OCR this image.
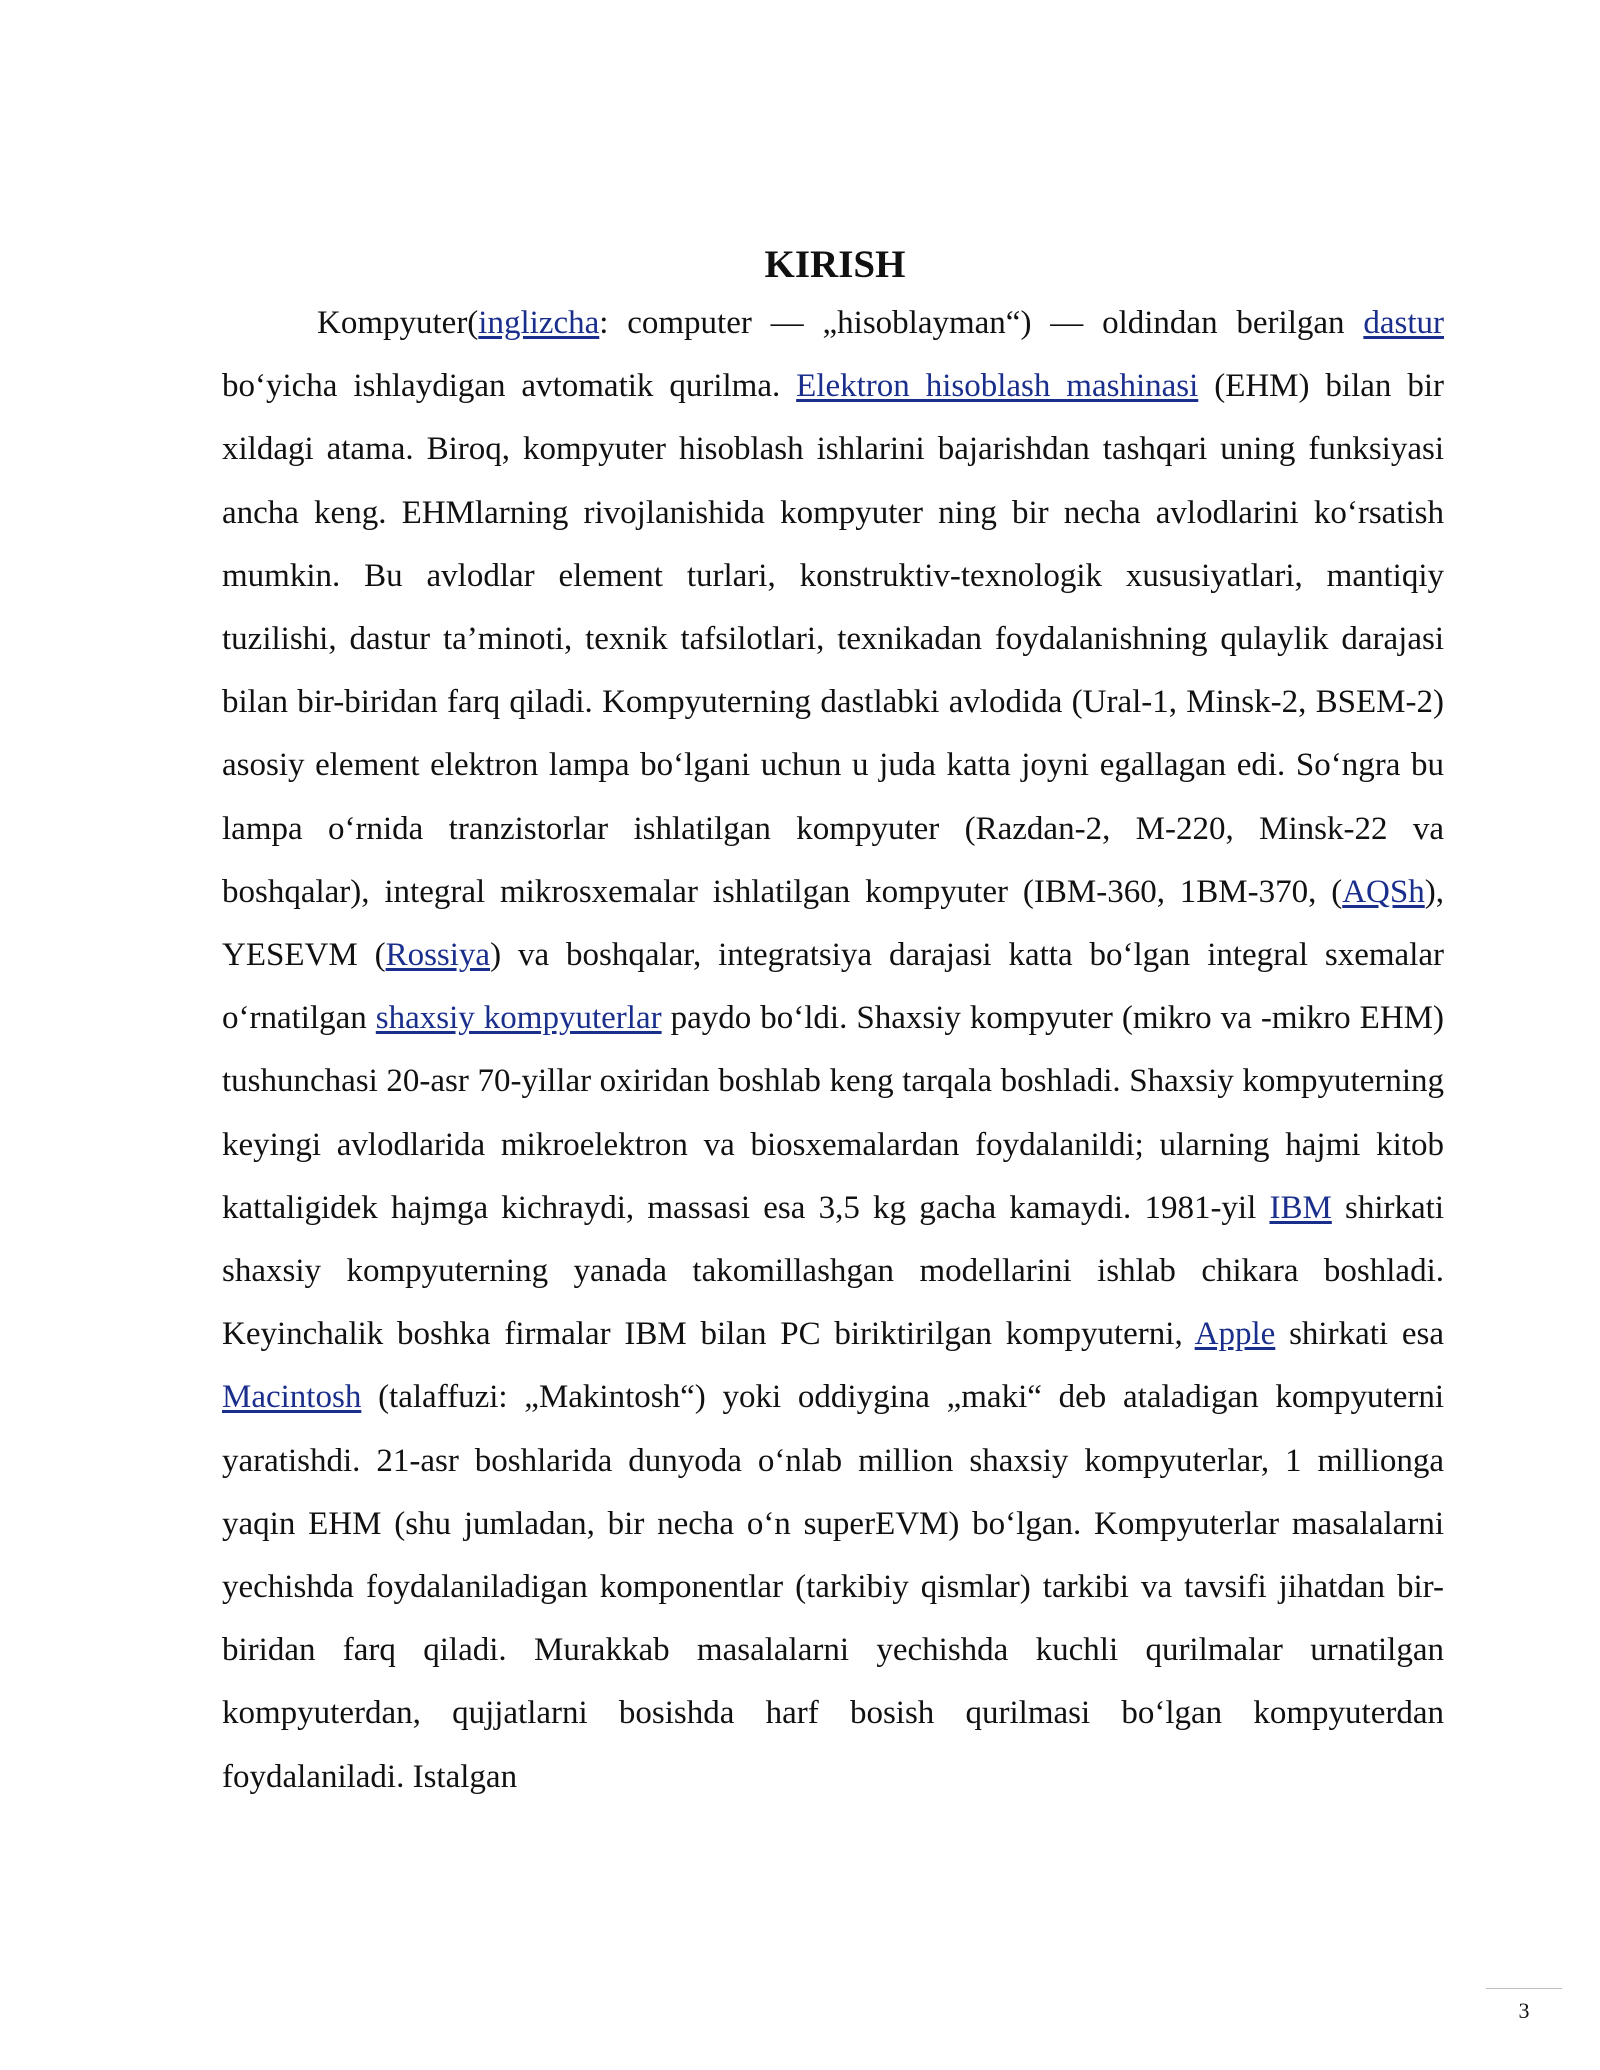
KIRISH

Kompyuter(inglizcha: computer — „hisoblayman“) — oldindan berilgan dastur boʻyicha ishlaydigan avtomatik qurilma. Elektron hisoblash mashinasi (EHM) bilan bir xildagi atama. Biroq, kompyuter hisoblash ishlarini bajarishdan tashqari uning funksiyasi ancha keng. EHMlarning rivojlanishida kompyuter ning bir necha avlodlarini koʻrsatish mumkin. Bu avlodlar element turlari, konstruktiv-texnologik xususiyatlari, mantiqiy tuzilishi, dastur ta’minoti, texnik tafsilotlari, texnikadan foydalanishning qulaylik darajasi bilan bir-biridan farq qiladi. Kompyuterning dastlabki avlodida (Ural-1, Minsk-2, BSEM-2) asosiy element elektron lampa boʻlgani uchun u juda katta joyni egallagan edi. Soʻngra bu lampa oʻrnida tranzistorlar ishlatilgan kompyuter (Razdan-2, M-220, Minsk-22 va boshqalar), integral mikrosxemalar ishlatilgan kompyuter (IBM-360, 1BM-370, (AQSh), YESEVM (Rossiya) va boshqalar, integratsiya darajasi katta boʻlgan integral sxemalar oʻrnatilgan shaxsiy kompyuterlar paydo boʻldi. Shaxsiy kompyuter (mikro va -mikro EHM) tushunchasi 20-asr 70-yillar oxiridan boshlab keng tarqala boshladi. Shaxsiy kompyuterning keyingi avlodlarida mikroelektron va biosxemalardan foydalanildi; ularning hajmi kitob kattaligidek hajmga kichraydi, massasi esa 3,5 kg gacha kamaydi. 1981-yil IBM shirkati shaxsiy kompyuterning yanada takomillashgan modellarini ishlab chikara boshladi. Keyinchalik boshka firmalar IBM bilan PC biriktirilgan kompyuterni, Apple shirkati esa Macintosh (talaffuzi: „Makintosh“) yoki oddiygina „maki“ deb ataladigan kompyuterni yaratishdi. 21-asr boshlarida dunyoda oʻnlab million shaxsiy kompyuterlar, 1 millionga yaqin EHM (shu jumladan, bir necha oʻn superEVM) boʻlgan. Kompyuterlar masalalarni yechishda foydalaniladigan komponentlar (tarkibiy qismlar) tarkibi va tavsifi jihatdan bir-biridan farq qiladi. Murakkab masalalarni yechishda kuchli qurilmalar urnatilgan kompyuterdan, qujjatlarni bosishda harf bosish qurilmasi boʻlgan kompyuterdan foydalaniladi. Istalgan

3
